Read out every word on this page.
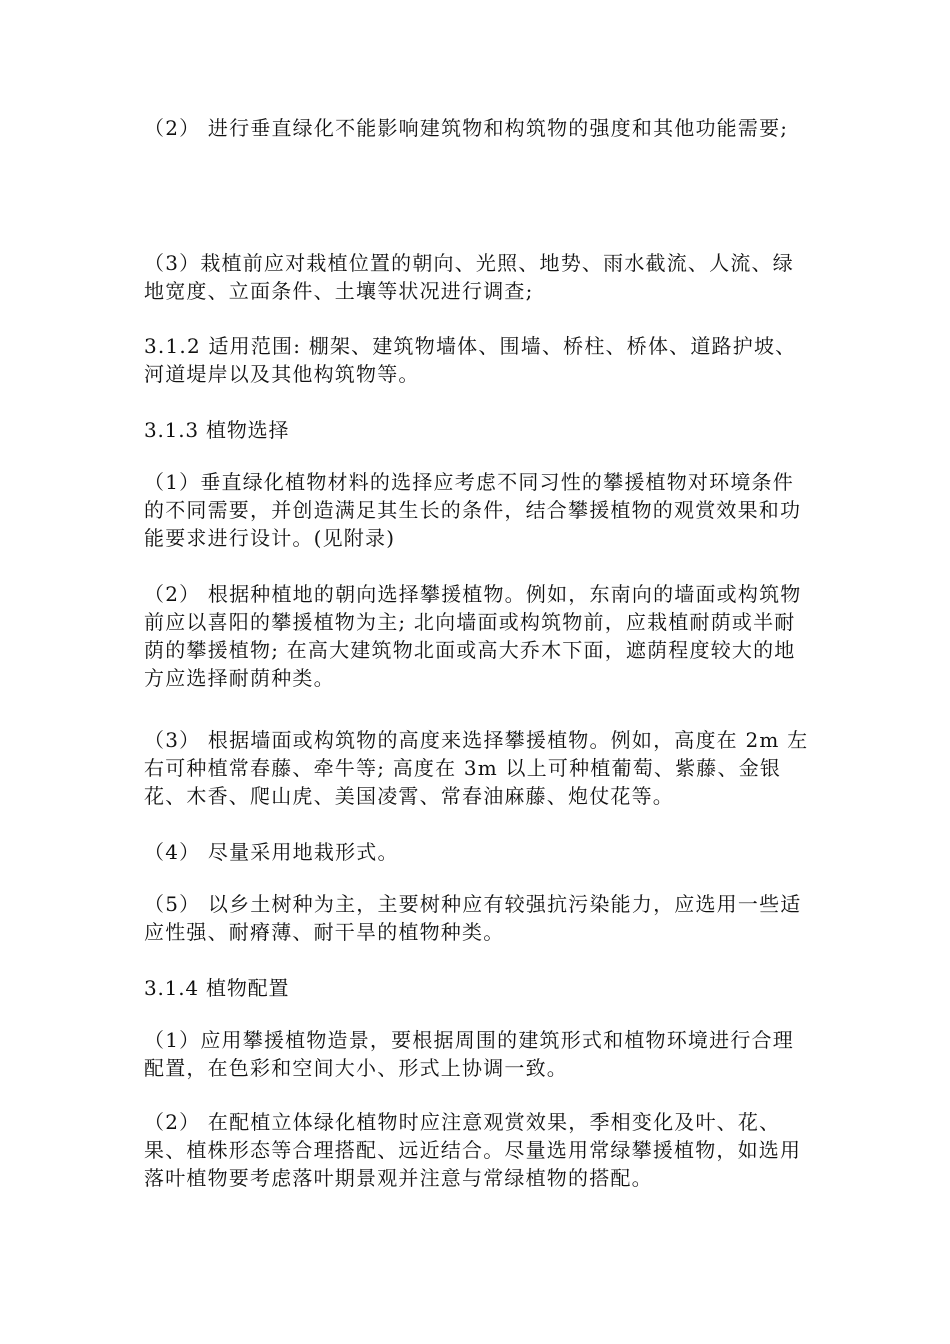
（2） 进行垂直绿化不能影响建筑物和构筑物的强度和其他功能需要;

（3）栽植前应对栽植位置的朝向、光照、地势、雨水截流、人流、绿地宽度、立面条件、土壤等状况进行调查;

3.1.2 适用范围: 棚架、建筑物墙体、围墙、桥柱、桥体、道路护坡、河道堤岸以及其他构筑物等。

3.1.3 植物选择

（1）垂直绿化植物材料的选择应考虑不同习性的攀援植物对环境条件的不同需要，并创造满足其生长的条件，结合攀援植物的观赏效果和功能要求进行设计。(见附录)

（2） 根据种植地的朝向选择攀援植物。例如，东南向的墙面或构筑物前应以喜阳的攀援植物为主; 北向墙面或构筑物前，应栽植耐荫或半耐荫的攀援植物; 在高大建筑物北面或高大乔木下面，遮荫程度较大的地方应选择耐荫种类。

（3） 根据墙面或构筑物的高度来选择攀援植物。例如，高度在 2m 左右可种植常春藤、牵牛等; 高度在 3m 以上可种植葡萄、紫藤、金银花、木香、爬山虎、美国凌霄、常春油麻藤、炮仗花等。

（4） 尽量采用地栽形式。

（5） 以乡土树种为主，主要树种应有较强抗污染能力，应选用一些适应性强、耐瘠薄、耐干旱的植物种类。

3.1.4 植物配置

（1）应用攀援植物造景，要根据周围的建筑形式和植物环境进行合理配置，在色彩和空间大小、形式上协调一致。

（2） 在配植立体绿化植物时应注意观赏效果，季相变化及叶、花、果、植株形态等合理搭配、远近结合。尽量选用常绿攀援植物，如选用落叶植物要考虑落叶期景观并注意与常绿植物的搭配。
